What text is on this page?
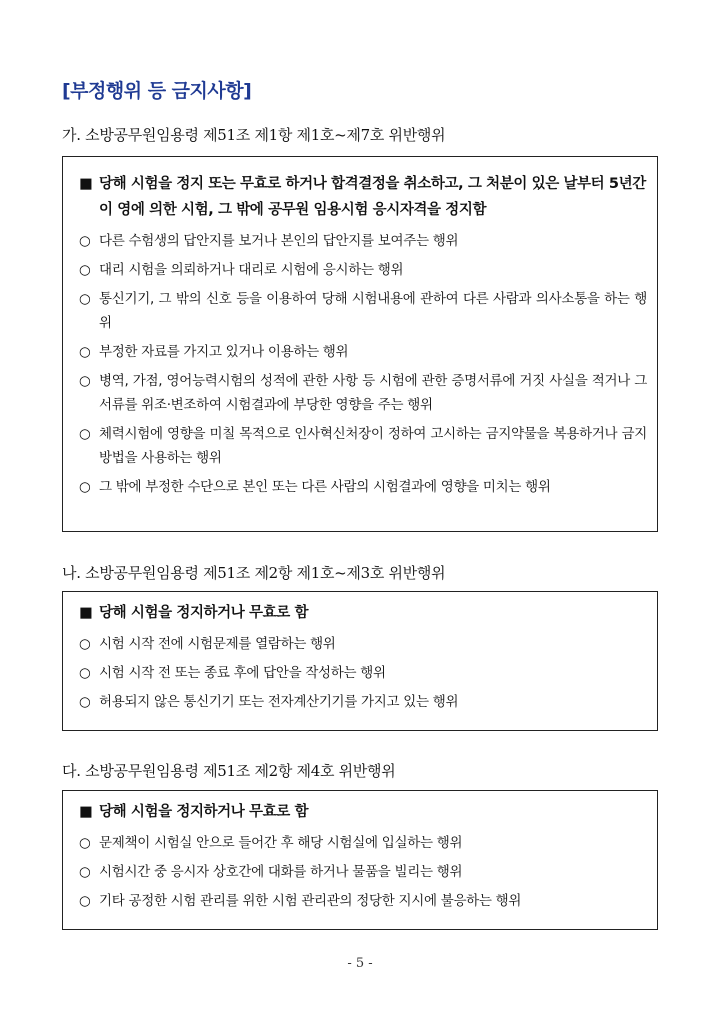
[부정행위 등 금지사항]
가. 소방공무원임용령 제51조 제1항 제1호~제7호 위반행위
■ 당해 시험을 정지 또는 무효로 하거나 합격결정을 취소하고, 그 처분이 있은 날부터 5년간 이 영에 의한 시험, 그 밖에 공무원 임용시험 응시자격을 정지함
○ 다른 수험생의 답안지를 보거나 본인의 답안지를 보여주는 행위
○ 대리 시험을 의뢰하거나 대리로 시험에 응시하는 행위
○ 통신기기, 그 밖의 신호 등을 이용하여 당해 시험내용에 관하여 다른 사람과 의사소통을 하는 행위
○ 부정한 자료를 가지고 있거나 이용하는 행위
○ 병역, 가점, 영어능력시험의 성적에 관한 사항 등 시험에 관한 증명서류에 거짓 사실을 적거나 그 서류를 위조·변조하여 시험결과에 부당한 영향을 주는 행위
○ 체력시험에 영향을 미칠 목적으로 인사혁신처장이 정하여 고시하는 금지약물을 복용하거나 금지방법을 사용하는 행위
○ 그 밖에 부정한 수단으로 본인 또는 다른 사람의 시험결과에 영향을 미치는 행위
나. 소방공무원임용령 제51조 제2항 제1호~제3호 위반행위
■ 당해 시험을 정지하거나 무효로 함
○ 시험 시작 전에 시험문제를 열람하는 행위
○ 시험 시작 전 또는 종료 후에 답안을 작성하는 행위
○ 허용되지 않은 통신기기 또는 전자계산기기를 가지고 있는 행위
다. 소방공무원임용령 제51조 제2항 제4호 위반행위
■ 당해 시험을 정지하거나 무효로 함
○ 문제책이 시험실 안으로 들어간 후 해당 시험실에 입실하는 행위
○ 시험시간 중 응시자 상호간에 대화를 하거나 물품을 빌리는 행위
○ 기타 공정한 시험 관리를 위한 시험 관리관의 정당한 지시에 불응하는 행위
- 5 -
